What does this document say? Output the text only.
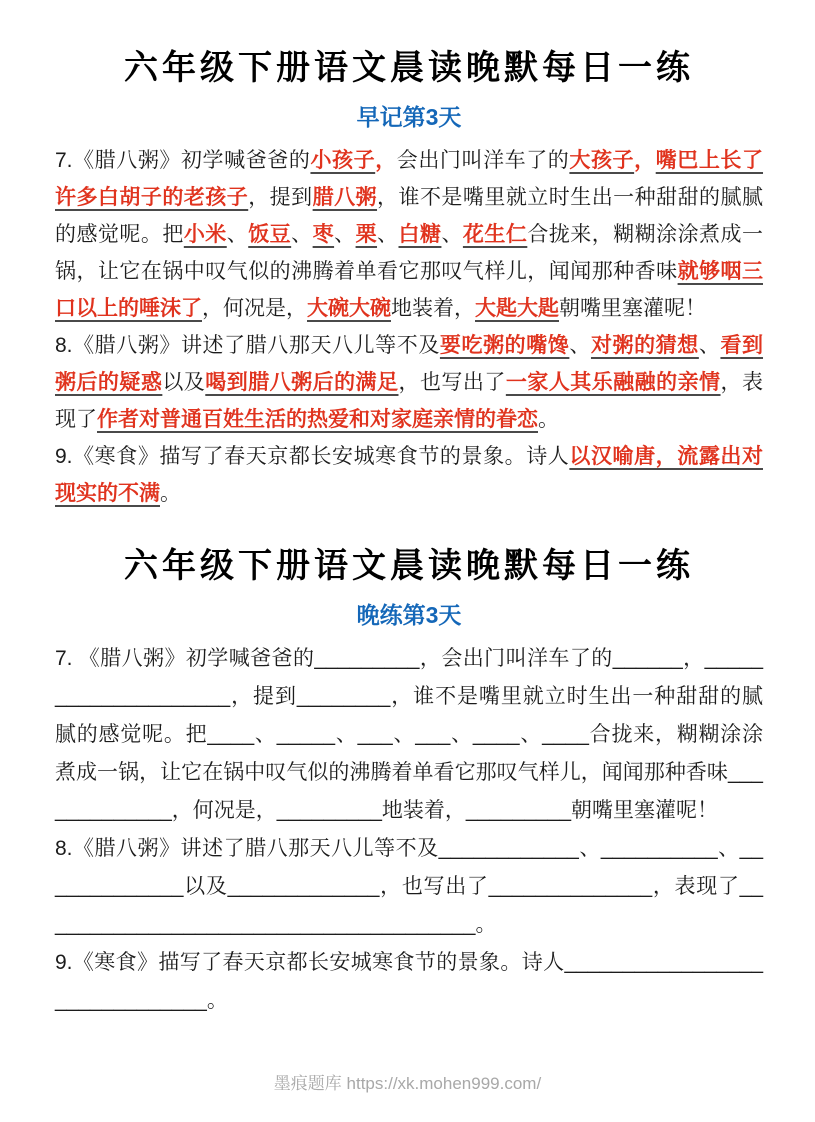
六年级下册语文晨读晚默每日一练
早记第3天
7.《腊八粥》初学喊爸爸的小孩子，会出门叫洋车了的大孩子，嘴巴上长了许多白胡子的老孩子，提到腊八粥，谁不是嘴里就立时生出一种甜甜的腻腻的感觉呢。把小米、饭豆、枣、栗、白糖、花生仁合拢来，糊糊涂涂煮成一锅，让它在锅中叹气似的沸腾着单看它那叹气样儿，闻闻那种香味就够咽三口以上的唾沫了，何况是，大碗大碗地装着，大匙大匙朝嘴里塞灌呢！
8.《腊八粥》讲述了腊八那天八儿等不及要吃粥的嘴馋、对粥的猜想、看到粥后的疑惑以及喝到腊八粥后的满足，也写出了一家人其乐融融的亲情，表现了作者对普通百姓生活的热爱和对家庭亲情的眷恋。
9.《寒食》描写了春天京都长安城寒食节的景象。诗人以汉喻唐，流露出对现实的不满。
六年级下册语文晨读晚默每日一练
晚练第3天
7. 《腊八粥》初学喊爸爸的_________，会出门叫洋车了的______，____________________，提到________，谁不是嘴里就立时生出一种甜甜的腻腻的感觉呢。把____、_____、___、___、____、____合拢来，糊糊涂涂煮成一锅，让它在锅中叹气似的沸腾着单看它那叹气样儿，闻闻那种香味_____________，何况是，_________地装着，_________朝嘴里塞灌呢！
8.《腊八粥》讲述了腊八那天八儿等不及____________、__________、_____________以及_____________，也写出了______________，表现了______________________________________。
9.《寒食》描写了春天京都长安城寒食节的景象。诗人______________________________。
墨痕题库 https://xk.mohen999.com/
